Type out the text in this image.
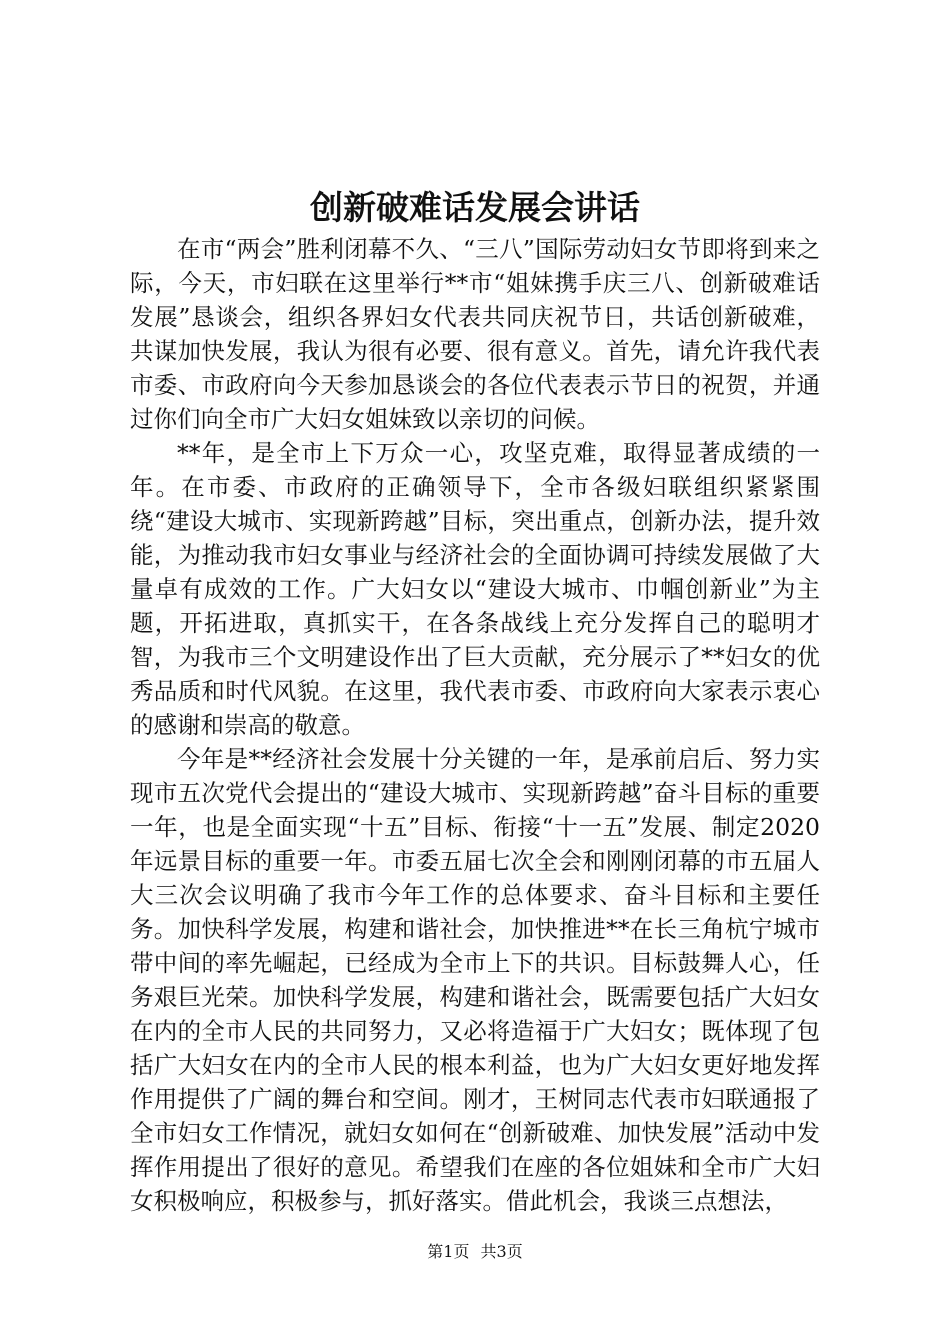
创新破难话发展会讲话

在市“两会”胜利闭幕不久、“三八”国际劳动妇女节即将到来之际，今天，市妇联在这里举行**市“姐妹携手庆三八、创新破难话发展”恳谈会，组织各界妇女代表共同庆祝节日，共话创新破难，共谋加快发展，我认为很有必要、很有意义。首先，请允许我代表市委、市政府向今天参加恳谈会的各位代表表示节日的祝贺，并通过你们向全市广大妇女姐妹致以亲切的问候。

**年，是全市上下万众一心，攻坚克难，取得显著成绩的一年。在市委、市政府的正确领导下，全市各级妇联组织紧紧围绕“建设大城市、实现新跨越”目标，突出重点，创新办法，提升效能，为推动我市妇女事业与经济社会的全面协调可持续发展做了大量卓有成效的工作。广大妇女以“建设大城市、巾帼创新业”为主题，开拓进取，真抓实干，在各条战线上充分发挥自己的聪明才智，为我市三个文明建设作出了巨大贡献，充分展示了**妇女的优秀品质和时代风貌。在这里，我代表市委、市政府向大家表示衷心的感谢和崇高的敬意。

今年是**经济社会发展十分关键的一年，是承前启后、努力实现市五次党代会提出的“建设大城市、实现新跨越”奋斗目标的重要一年，也是全面实现“十五”目标、衔接“十一五”发展、制定2020年远景目标的重要一年。市委五届七次全会和刚刚闭幕的市五届人大三次会议明确了我市今年工作的总体要求、奋斗目标和主要任务。加快科学发展，构建和谐社会，加快推进**在长三角杭宁城市带中间的率先崛起，已经成为全市上下的共识。目标鼓舞人心，任务艰巨光荣。加快科学发展，构建和谐社会，既需要包括广大妇女在内的全市人民的共同努力，又必将造福于广大妇女；既体现了包括广大妇女在内的全市人民的根本利益，也为广大妇女更好地发挥作用提供了广阔的舞台和空间。刚才，王树同志代表市妇联通报了全市妇女工作情况，就妇女如何在“创新破难、加快发展”活动中发挥作用提出了很好的意见。希望我们在座的各位姐妹和全市广大妇女积极响应，积极参与，抓好落实。借此机会，我谈三点想法，

第1页 共3页
